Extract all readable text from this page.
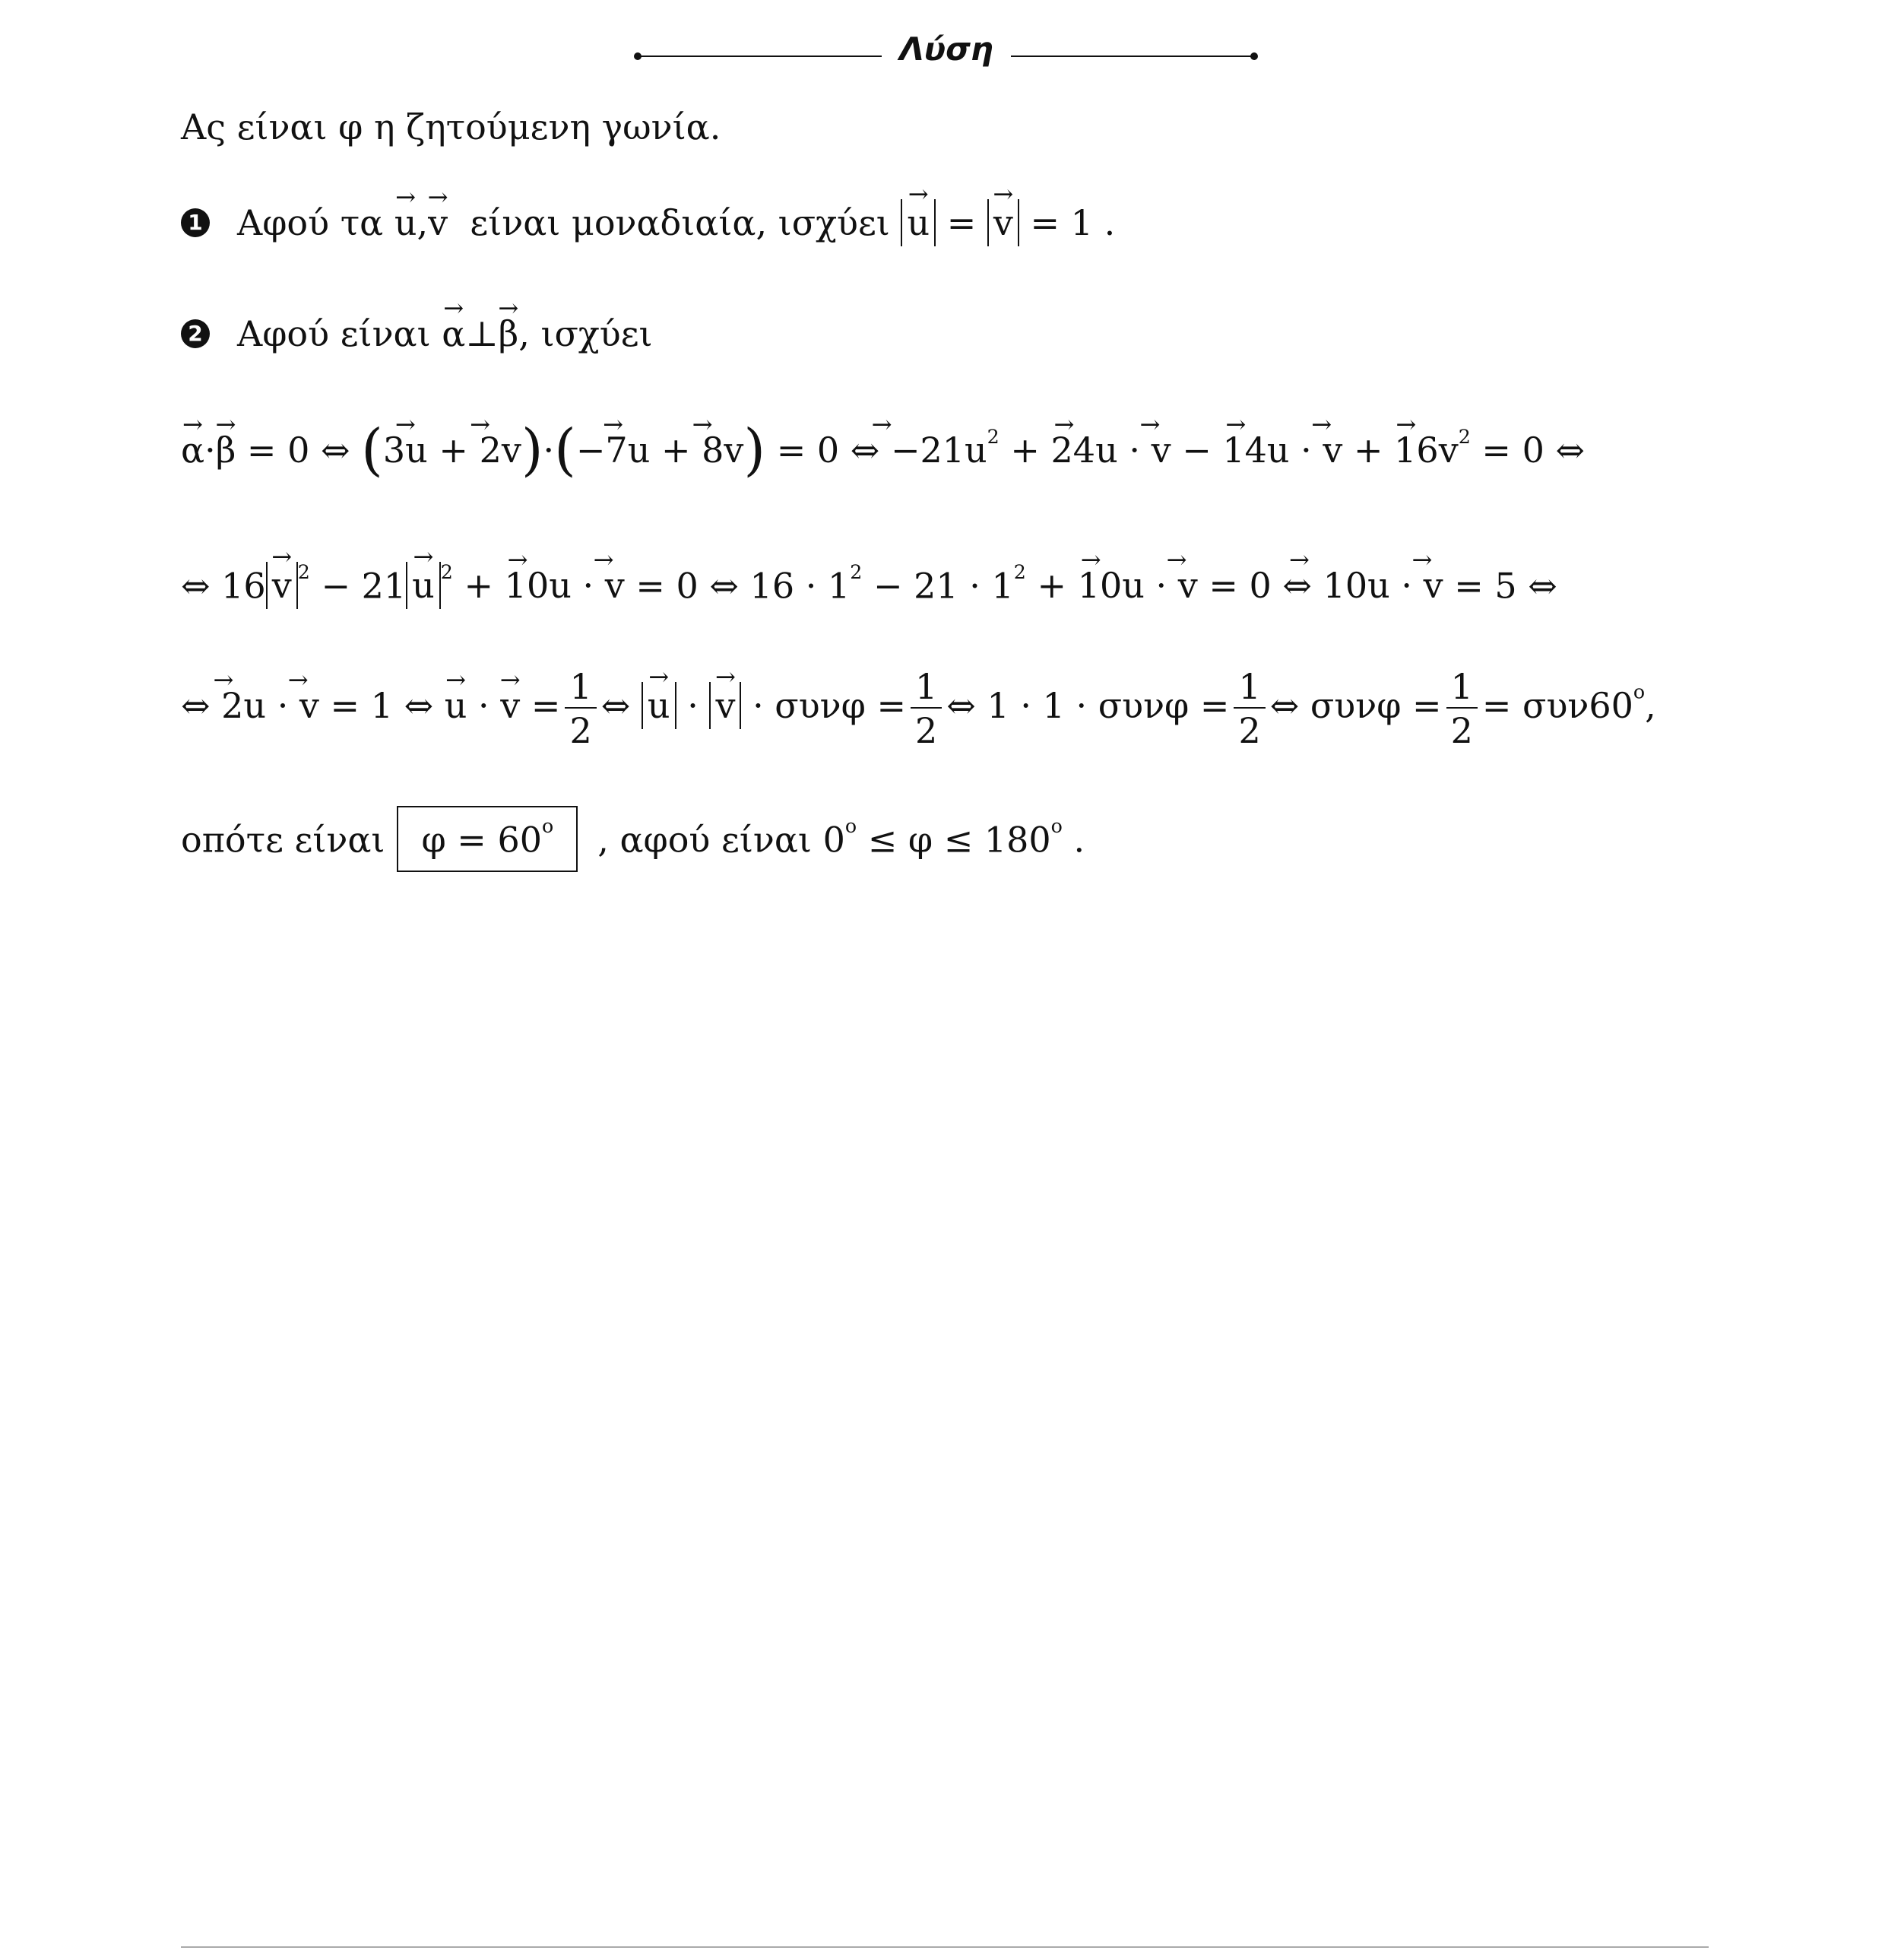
Λύση
Ας είναι φ η ζητούμενη γωνία.
1 Αφού τα → u,→ v είναι μοναδιαία, ισχύει → u = → v = 1 .
2 Αφού είναι → α⊥→ β, ισχύει
→ α·→ β = 0 ⇔ (→ 3u → + 2v)·(→ −7u → + 8v) → = 0 ⇔ $-21u^2$ → + 24u → · v → − 14u → · v → + $16v^2 = 0$ ⇔
⇔ 16 → v $^2$ − 21 → u $^2$ → + 10u → · v = 0 ⇔ $16 \cdot 1^2 - 21 \cdot 1^2$ → + 10u → · v → = 0 ⇔ 10u → · v = 5 ⇔
→ ⇔ 2u → · v = 1 ⇔ → u · → $v = \frac{1}{2}$ ⇔ → u · → $v \cdot \sigma\upsilon\nu\varphi = \frac{1}{2}$ ⇔ $1 \cdot 1 \cdot \sigma\upsilon\nu\varphi = \frac{1}{2}$ ⇔ $\sigma\upsilon\nu\varphi = \frac{1}{2} = \sigma\upsilon\nu 60^o$,
οπότε είναι $\varphi = 60^o$ , αφού είναι $0^o \le \varphi \le 180^o$ .
